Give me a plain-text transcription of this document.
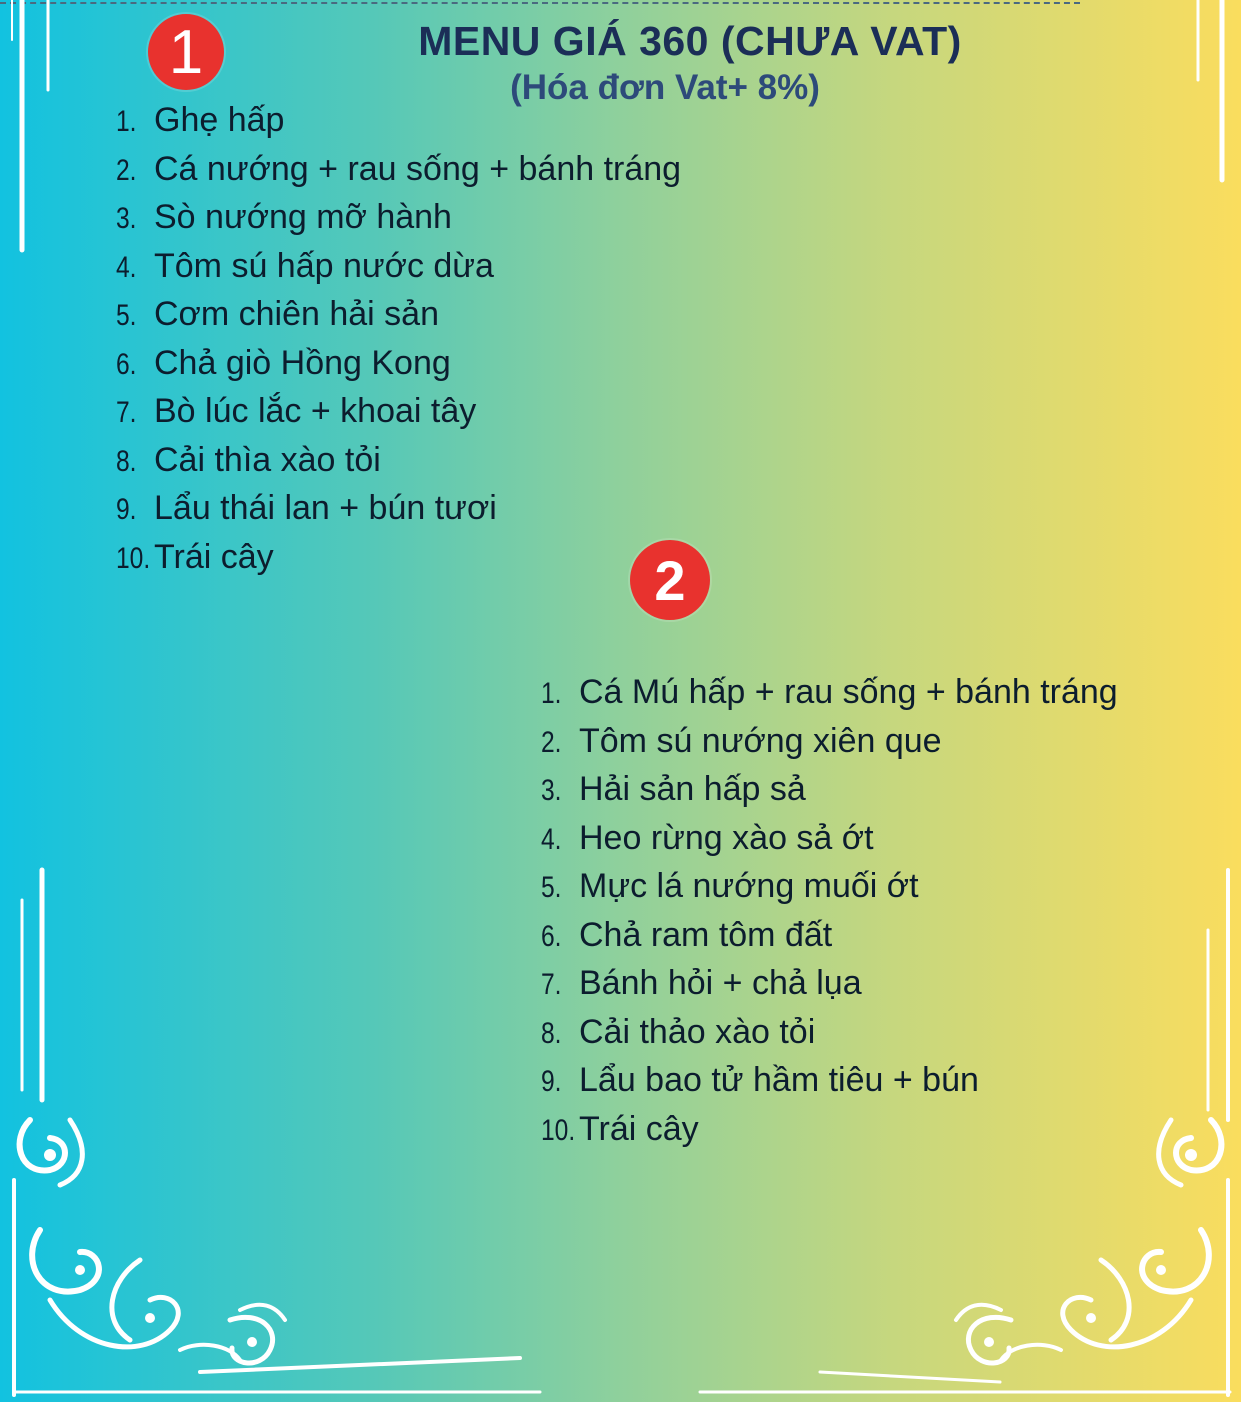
1	MENU GIÁ 360 (CHƯA VAT)
(Hóa đơn Vat+ 8%)
1. Ghẹ hấp
2. Cá nướng + rau sống + bánh tráng
3. Sò nướng mỡ hành
4. Tôm sú hấp nước dừa
5. Cơm chiên hải sản
6. Chả giò Hồng Kong
7. Bò lúc lắc + khoai tây
8. Cải thìa xào tỏi
9. Lẩu thái lan + bún tươi
10. Trái cây	2
1. Cá Mú hấp + rau sống + bánh tráng
2. Tôm sú nướng xiên que
3. Hải sản hấp sả
4. Heo rừng xào sả ớt
5. Mực lá nướng muối ớt
6. Chả ram tôm đất
7. Bánh hỏi + chả lụa
8. Cải thảo xào tỏi
9. Lẩu bao tử hầm tiêu + bún
10. Trái cây
